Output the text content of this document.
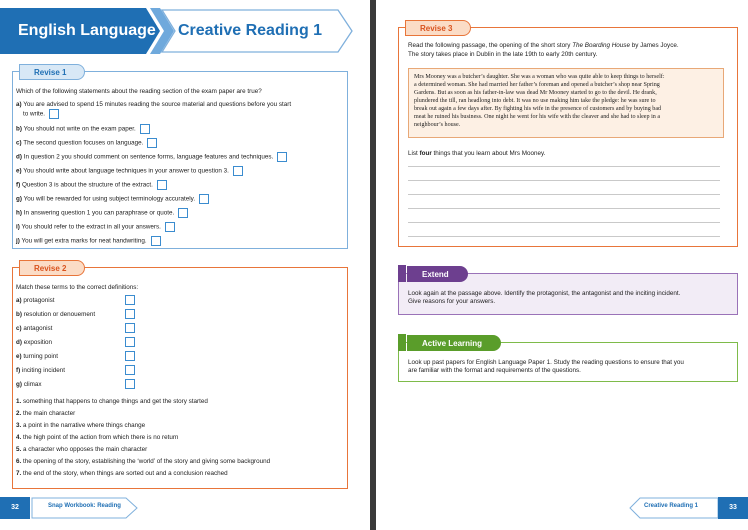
English Language Creative Reading 1
Revise 1
Which of the following statements about the reading section of the exam paper are true?
a) You are advised to spend 15 minutes reading the source material and questions before you start
to write.
b) You should not write on the exam paper.
c) The second question focuses on language.
d) In question 2 you should comment on sentence forms, language features and techniques.
e) You should write about language techniques in your answer to question 3.
f) Question 3 is about the structure of the extract.
g) You will be rewarded for using subject terminology accurately.
h) In answering question 1 you can paraphrase or quote.
i) You should refer to the extract in all your answers.
j) You will get extra marks for neat handwriting.
Revise 2
Match these terms to the correct definitions:
a) protagonist
b) resolution or denouement
c) antagonist
d) exposition
e) turning point
f) inciting incident
g) climax
1. something that happens to change things and get the story started
2. the main character
3. a point in the narrative where things change
4. the high point of the action from which there is no return
5. a character who opposes the main character
6. the opening of the story, establishing the ‘world’ of the story and giving some background
7. the end of the story, when things are sorted out and a conclusion reached
32	Snap Workbook: Reading
Revise 3
Read the following passage, the opening of the short story The Boarding House by James Joyce.
The story takes place in Dublin in the late 19th to early 20th century.
Mrs Mooney was a butcher’s daughter. She was a woman who was quite able to keep things to herself:
a determined woman. She had married her father’s foreman and opened a butcher’s shop near Spring
Gardens. But as soon as his father-in-law was dead Mr Mooney started to go to the devil. He drank,
plundered the till, ran headlong into debt. It was no use making him take the pledge: he was sure to
break out again a few days after. By fighting his wife in the presence of customers and by buying bad
meat he ruined his business. One night he went for his wife with the cleaver and she had to sleep in a
neighbour’s house.
List four things that you learn about Mrs Mooney.
Extend
Look again at the passage above. Identify the protagonist, the antagonist and the inciting incident.
Give reasons for your answers.
Active Learning
Look up past papers for English Language Paper 1. Study the reading questions to ensure that you
are familiar with the format and requirements of the questions.
Creative Reading 1	33
